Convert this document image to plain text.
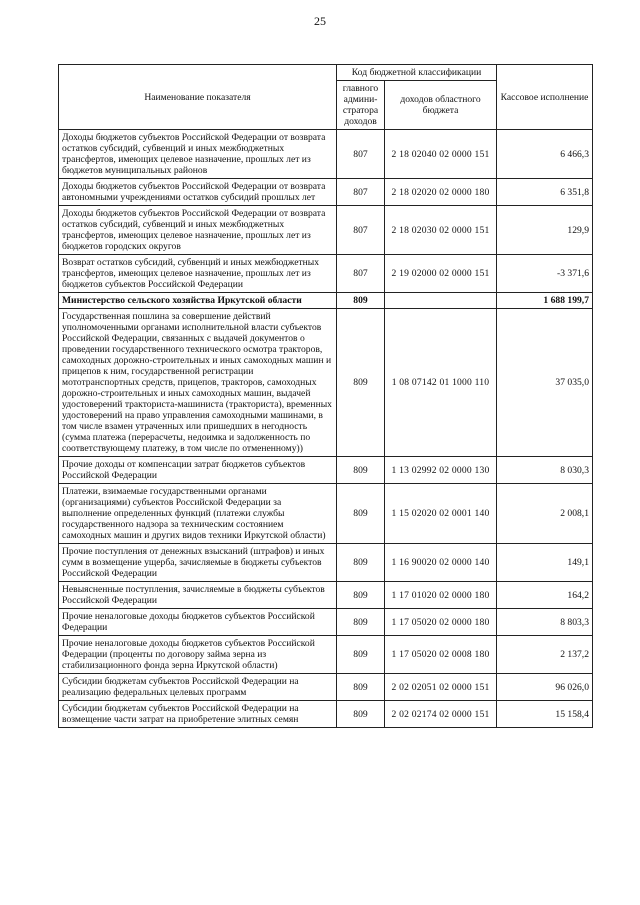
25
Наименование показателя	Код бюджетной классификации		Кассовое исполнение
	главного админи-стратора доходов	доходов областного бюджета	
Доходы бюджетов субъектов Российской Федерации от возврата остатков субсидий, субвенций и иных межбюджетных трансфертов, имеющих целевое назначение, прошлых лет из бюджетов муниципальных районов	807	2 18 02040 02 0000 151	6 466,3
Доходы бюджетов субъектов Российской Федерации от возврата автономными учреждениями остатков субсидий прошлых лет	807	2 18 02020 02 0000 180	6 351,8
Доходы бюджетов субъектов Российской Федерации от возврата остатков субсидий, субвенций и иных межбюджетных трансфертов, имеющих целевое назначение, прошлых лет из бюджетов городских округов	807	2 18 02030 02 0000 151	129,9
Возврат остатков субсидий, субвенций и иных межбюджетных трансфертов, имеющих целевое назначение, прошлых лет из бюджетов субъектов Российской Федерации	807	2 19 02000 02 0000 151	-3 371,6
Министерство сельского хозяйства Иркутской области	809		1 688 199,7
Государственная пошлина за совершение действий уполномоченными органами исполнительной власти субъектов Российской Федерации, связанных с выдачей документов о проведении государственного технического осмотра тракторов, самоходных дорожно-строительных и иных самоходных машин и прицепов к ним, государственной регистрации мототранспортных средств, прицепов, тракторов, самоходных дорожно-строительных и иных самоходных машин, выдачей удостоверений тракториста-машиниста (тракториста), временных удостоверений на право управления самоходными машинами, в том числе взамен утраченных или пришедших в негодность (сумма платежа (перерасчеты, недоимка и задолженность по соответствующему платежу, в том числе по отмененному))	809	1 08 07142 01 1000 110	37 035,0
Прочие доходы от компенсации затрат бюджетов субъектов Российской Федерации	809	1 13 02992 02 0000 130	8 030,3
Платежи, взимаемые государственными органами (организациями) субъектов Российской Федерации за выполнение определенных функций (платежи службы государственного надзора за техническим состоянием самоходных машин и других видов техники Иркутской области)	809	1 15 02020 02 0001 140	2 008,1
Прочие поступления от денежных взысканий (штрафов) и иных сумм в возмещение ущерба, зачисляемые в бюджеты субъектов Российской Федерации	809	1 16 90020 02 0000 140	149,1
Невыясненные поступления, зачисляемые в бюджеты субъектов Российской Федерации	809	1 17 01020 02 0000 180	164,2
Прочие неналоговые доходы бюджетов субъектов Российской Федерации	809	1 17 05020 02 0000 180	8 803,3
Прочие неналоговые доходы бюджетов субъектов Российской Федерации (проценты по договору займа зерна из стабилизационного фонда зерна Иркутской области)	809	1 17 05020 02 0008 180	2 137,2
Субсидии бюджетам субъектов Российской Федерации на реализацию федеральных целевых программ	809	2 02 02051 02 0000 151	96 026,0
Субсидии бюджетам субъектов Российской Федерации на возмещение части затрат на приобретение элитных семян	809	2 02 02174 02 0000 151	15 158,4
